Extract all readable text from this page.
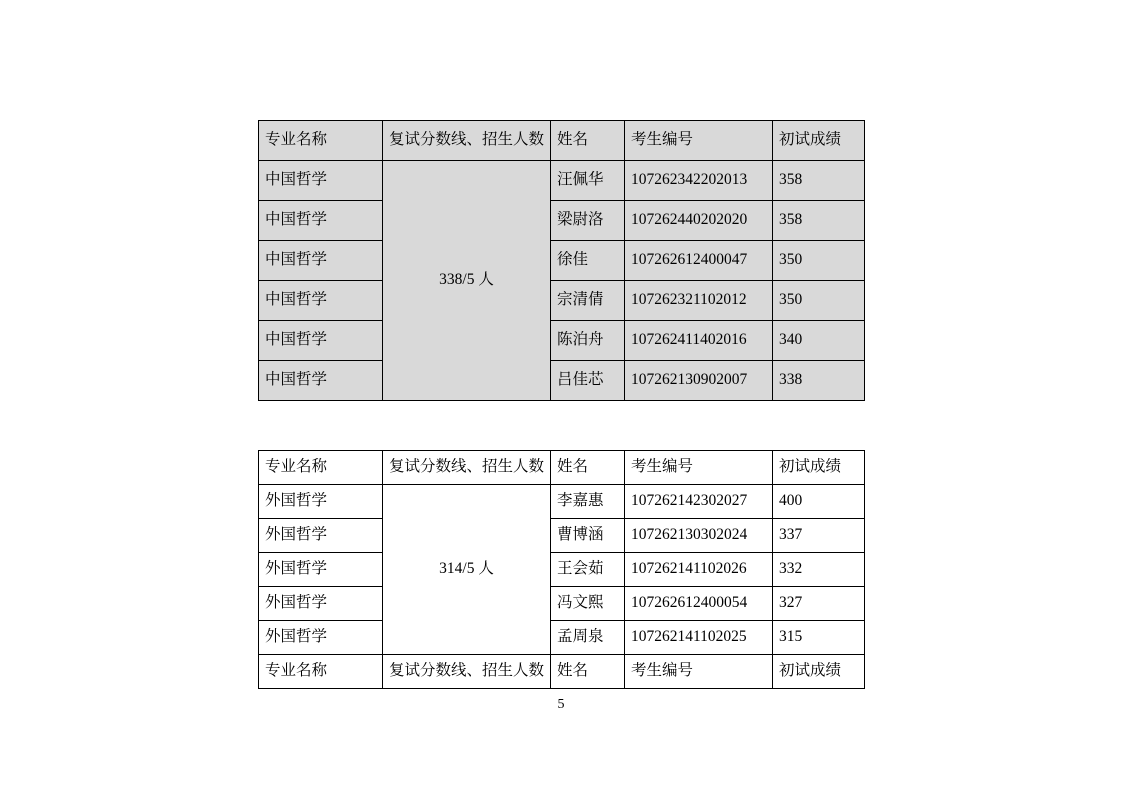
专业名称	复试分数线、招生人数	姓名	考生编号	初试成绩
中国哲学	338/5 人	汪佩华	107262342202013	358
中国哲学		梁尉洛	107262440202020	358
中国哲学		徐佳	107262612400047	350
中国哲学		宗清倩	107262321102012	350
中国哲学		陈泊舟	107262411402016	340
中国哲学		吕佳芯	107262130902007	338
专业名称	复试分数线、招生人数	姓名	考生编号	初试成绩
外国哲学	314/5 人	李嘉惠	107262142302027	400
外国哲学		曹博涵	107262130302024	337
外国哲学		王会茹	107262141102026	332
外国哲学		冯文熙	107262612400054	327
外国哲学		孟周泉	107262141102025	315
专业名称	复试分数线、招生人数	姓名	考生编号	初试成绩
5
